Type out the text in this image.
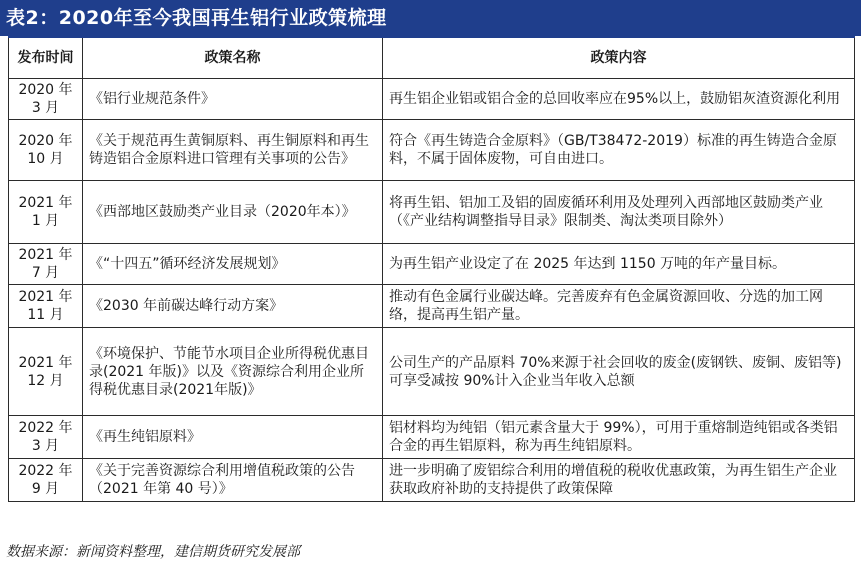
表2：2020年至今我国再生铝行业政策梳理
发布时间	政策名称	政策内容
2020 年 3 月	《铝行业规范条件》	再生铝企业铝或铝合金的总回收率应在95%以上，鼓励铝灰渣资源化利用
2020 年 10 月	《关于规范再生黄铜原料、再生铜原料和再生铸造铝合金原料进口管理有关事项的公告》	符合《再生铸造合金原料》（GB/T38472-2019）标准的再生铸造合金原料，不属于固体废物，可自由进口。
2021 年 1 月	《西部地区鼓励类产业目录（2020年本）》	将再生铝、铝加工及铝的固废循环利用及处理列入西部地区鼓励类产业（《产业结构调整指导目录》限制类、淘汰类项目除外）
2021 年 7 月	《“十四五”循环经济发展规划》	为再生铝产业设定了在 2025 年达到 1150 万吨的年产量目标。
2021 年 11 月	《2030 年前碳达峰行动方案》	推动有色金属行业碳达峰。完善废弃有色金属资源回收、分选的加工网络，提高再生铝产量。
2021 年 12 月	《环境保护、节能节水项目企业所得税优惠目录(2021 年版)》以及《资源综合利用企业所得税优惠目录(2021年版)》	公司生产的产品原料 70%来源于社会回收的废金(废钢铁、废铜、废铝等)可享受减按 90%计入企业当年收入总额
2022 年 3 月	《再生纯铝原料》	铝材料均为纯铝（铝元素含量大于 99%），可用于重熔制造纯铝或各类铝合金的再生铝原料，称为再生纯铝原料。
2022 年 9 月	《关于完善资源综合利用增值税政策的公告（2021 年第 40 号）》	进一步明确了废铝综合利用的增值税的税收优惠政策，为再生铝生产企业获取政府补助的支持提供了政策保障
数据来源：新闻资料整理，建信期货研究发展部
